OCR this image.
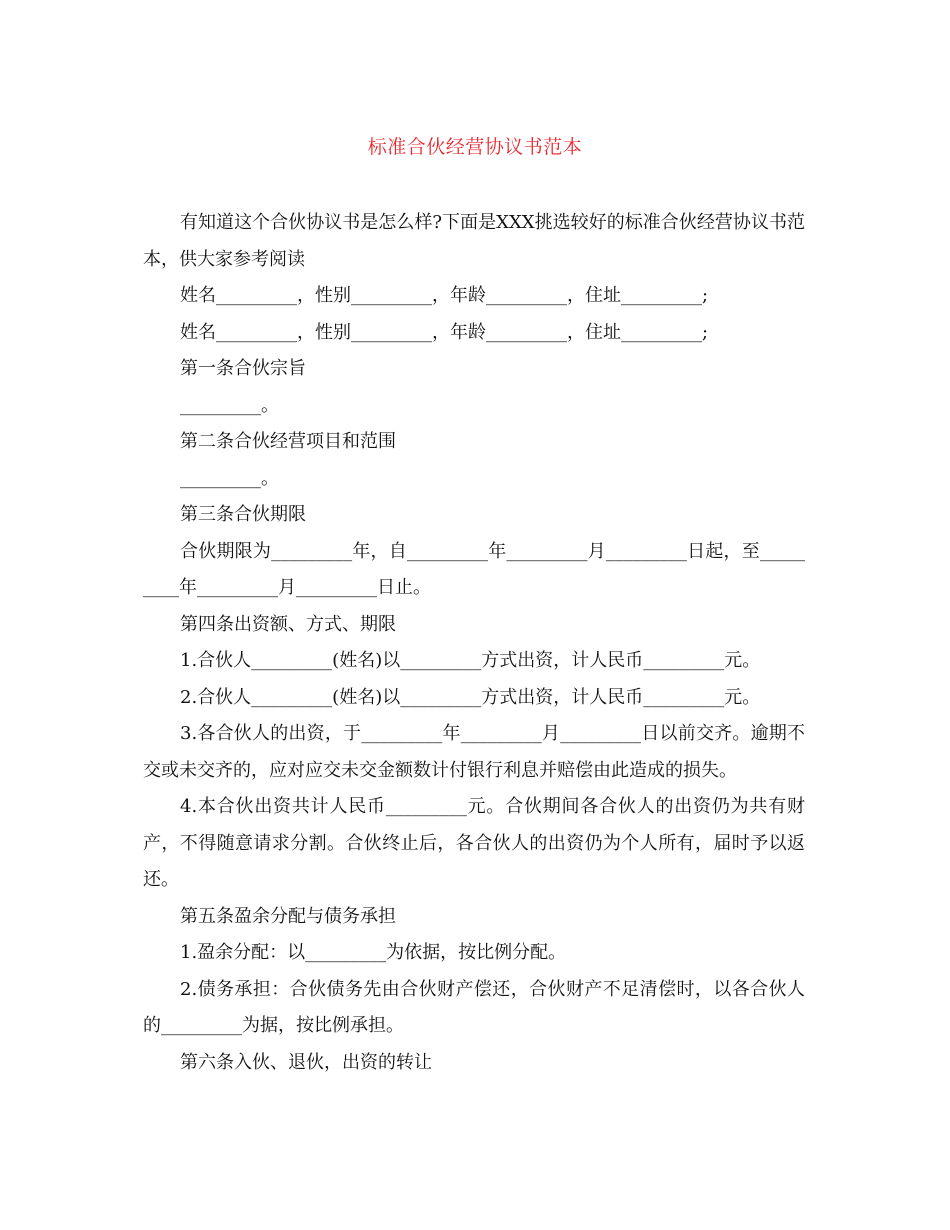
标准合伙经营协议书范本

有知道这个合伙协议书是怎么样?下面是XXX挑选较好的标准合伙经营协议书范本，供大家参考阅读

姓名_________，性别_________，年龄_________，住址_________;

姓名_________，性别_________，年龄_________，住址_________;

第一条合伙宗旨

_________。

第二条合伙经营项目和范围

_________。

第三条合伙期限

合伙期限为_________年，自_________年_________月_________日起，至_________年_________月_________日止。

第四条出资额、方式、期限

1.合伙人_________(姓名)以_________方式出资，计人民币_________元。

2.合伙人_________(姓名)以_________方式出资，计人民币_________元。

3.各合伙人的出资，于_________年_________月_________日以前交齐。逾期不交或未交齐的，应对应交未交金额数计付银行利息并赔偿由此造成的损失。

4.本合伙出资共计人民币_________元。合伙期间各合伙人的出资仍为共有财产，不得随意请求分割。合伙终止后，各合伙人的出资仍为个人所有，届时予以返还。

第五条盈余分配与债务承担

1.盈余分配：以_________为依据，按比例分配。

2.债务承担：合伙债务先由合伙财产偿还，合伙财产不足清偿时，以各合伙人的_________为据，按比例承担。

第六条入伙、退伙，出资的转让
